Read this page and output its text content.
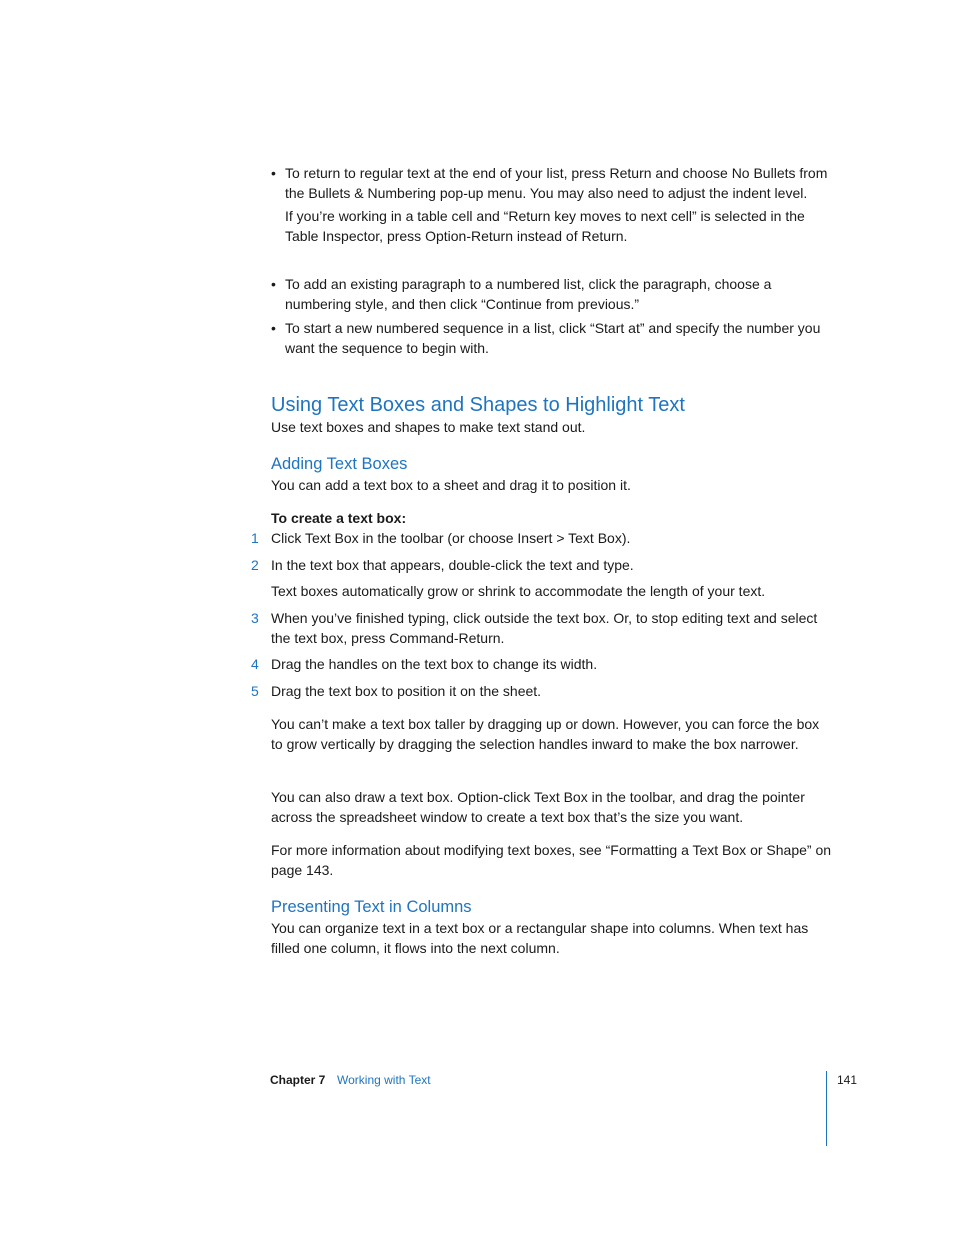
• To return to regular text at the end of your list, press Return and choose No Bullets from the Bullets & Numbering pop-up menu. You may also need to adjust the indent level.
If you’re working in a table cell and “Return key moves to next cell” is selected in the Table Inspector, press Option-Return instead of Return.
• To add an existing paragraph to a numbered list, click the paragraph, choose a numbering style, and then click “Continue from previous.”
• To start a new numbered sequence in a list, click “Start at” and specify the number you want the sequence to begin with.
Using Text Boxes and Shapes to Highlight Text
Use text boxes and shapes to make text stand out.
Adding Text Boxes
You can add a text box to a sheet and drag it to position it.
To create a text box:
1 Click Text Box in the toolbar (or choose Insert > Text Box).
2 In the text box that appears, double-click the text and type.
Text boxes automatically grow or shrink to accommodate the length of your text.
3 When you’ve finished typing, click outside the text box. Or, to stop editing text and select the text box, press Command-Return.
4 Drag the handles on the text box to change its width.
5 Drag the text box to position it on the sheet.
You can’t make a text box taller by dragging up or down. However, you can force the box to grow vertically by dragging the selection handles inward to make the box narrower.
You can also draw a text box. Option-click Text Box in the toolbar, and drag the pointer across the spreadsheet window to create a text box that’s the size you want.
For more information about modifying text boxes, see “Formatting a Text Box or Shape” on page 143.
Presenting Text in Columns
You can organize text in a text box or a rectangular shape into columns. When text has filled one column, it flows into the next column.
Chapter 7 Working with Text	141
